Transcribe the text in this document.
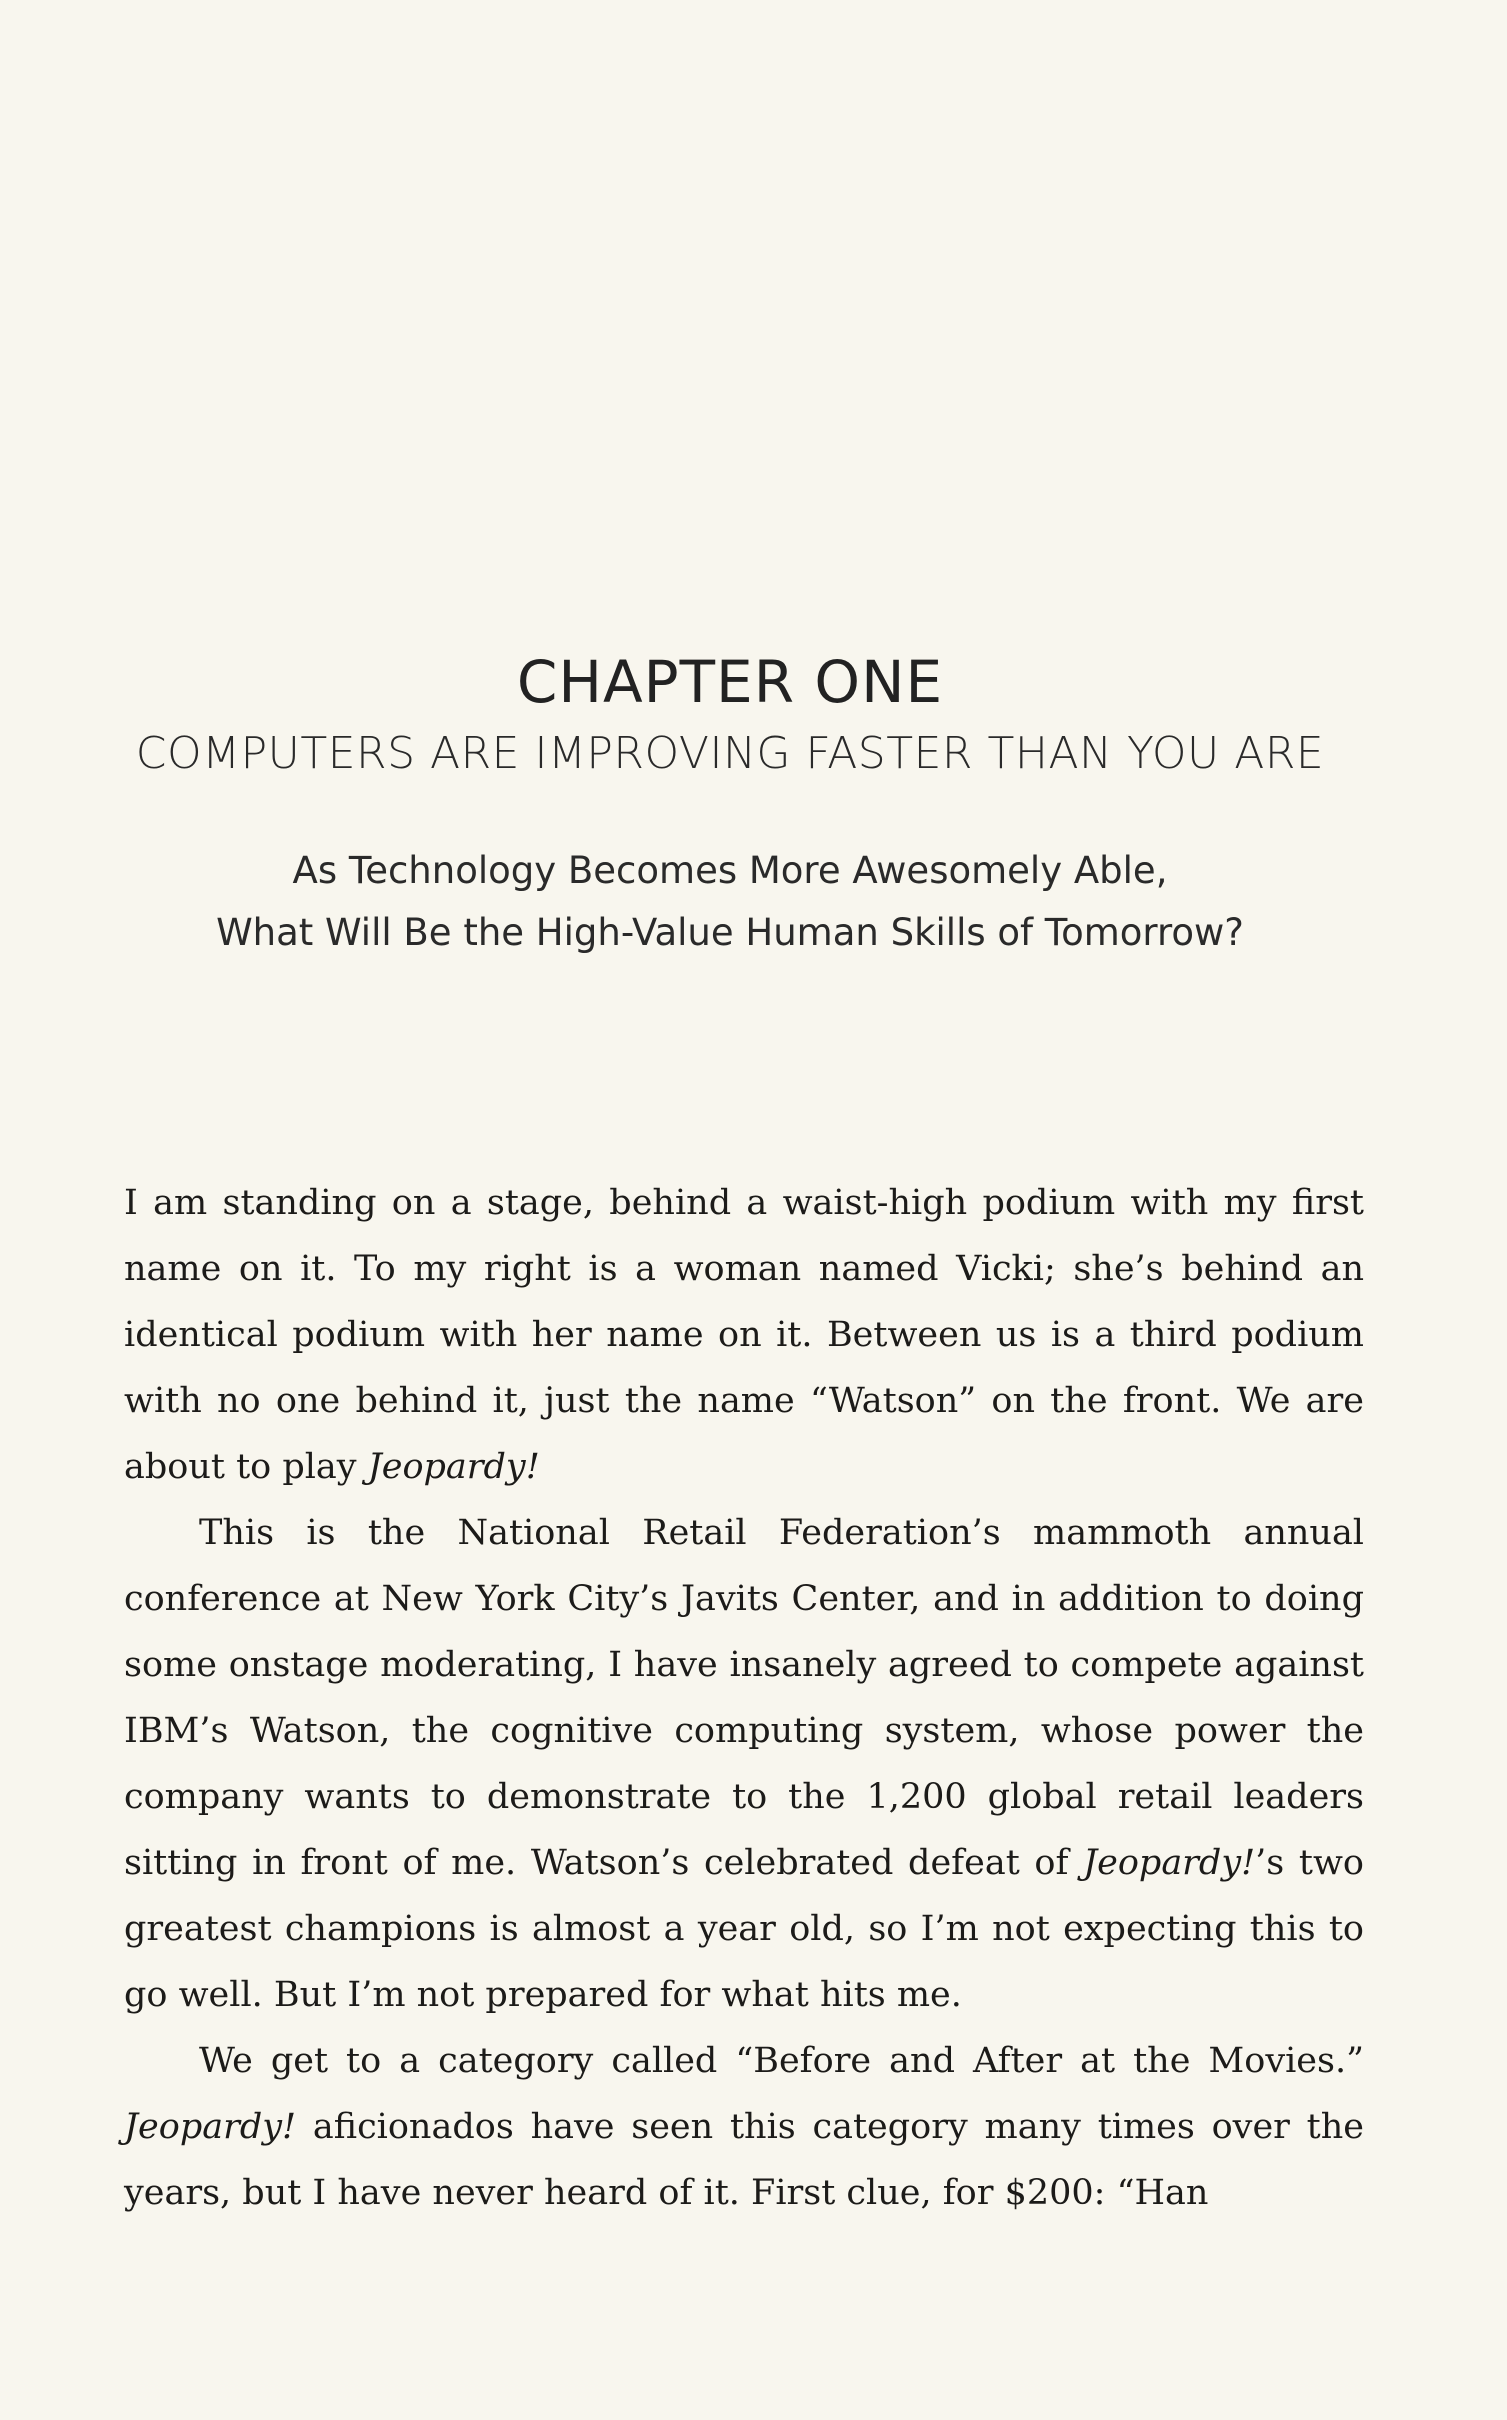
CHAPTER ONE
COMPUTERS ARE IMPROVING FASTER THAN YOU ARE
As Technology Becomes More Awesomely Able,
What Will Be the High-Value Human Skills of Tomorrow?

I am standing on a stage, behind a waist-high podium with my first name on it. To my right is a woman named Vicki; she’s behind an identical podium with her name on it. Between us is a third podium with no one behind it, just the name “Watson” on the front. We are about to play Jeopardy!

This is the National Retail Federation’s mammoth annual conference at New York City’s Javits Center, and in addition to doing some onstage moderating, I have insanely agreed to compete against IBM’s Watson, the cognitive computing system, whose power the company wants to demonstrate to the 1,200 global retail leaders sitting in front of me. Watson’s celebrated defeat of Jeopardy!’s two greatest champions is almost a year old, so I’m not expecting this to go well. But I’m not prepared for what hits me.

We get to a category called “Before and After at the Movies.” Jeopardy! aficionados have seen this category many times over the years, but I have never heard of it. First clue, for $200: “Han
